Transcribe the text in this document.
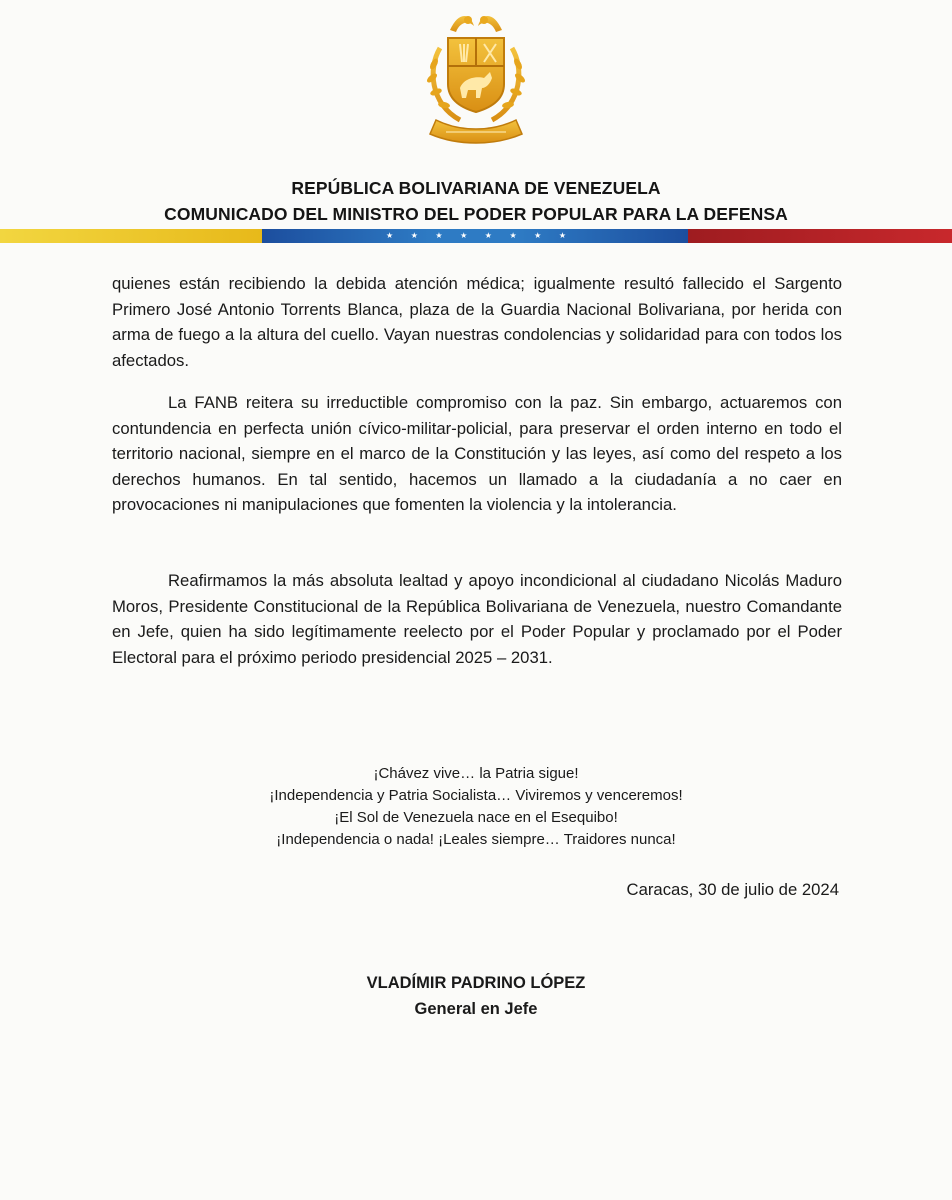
REPÚBLICA BOLIVARIANA DE VENEZUELA
COMUNICADO DEL MINISTRO DEL PODER POPULAR PARA LA DEFENSA
★ ★ ★ ★ ★ ★ ★ ★

quienes están recibiendo la debida atención médica; igualmente resultó fallecido el Sargento Primero José Antonio Torrents Blanca, plaza de la Guardia Nacional Bolivariana, por herida con arma de fuego a la altura del cuello. Vayan nuestras condolencias y solidaridad para con todos los afectados.

La FANB reitera su irreductible compromiso con la paz. Sin embargo, actuaremos con contundencia en perfecta unión cívico-militar-policial, para preservar el orden interno en todo el territorio nacional, siempre en el marco de la Constitución y las leyes, así como del respeto a los derechos humanos. En tal sentido, hacemos un llamado a la ciudadanía a no caer en provocaciones ni manipulaciones que fomenten la violencia y la intolerancia.

Reafirmamos la más absoluta lealtad y apoyo incondicional al ciudadano Nicolás Maduro Moros, Presidente Constitucional de la República Bolivariana de Venezuela, nuestro Comandante en Jefe, quien ha sido legítimamente reelecto por el Poder Popular y proclamado por el Poder Electoral para el próximo periodo presidencial 2025 – 2031.

¡Chávez vive… la Patria sigue!
¡Independencia y Patria Socialista… Viviremos y venceremos!
¡El Sol de Venezuela nace en el Esequibo!
¡Independencia o nada! ¡Leales siempre… Traidores nunca!
Caracas, 30 de julio de 2024
VLADÍMIR PADRINO LÓPEZ
General en Jefe
